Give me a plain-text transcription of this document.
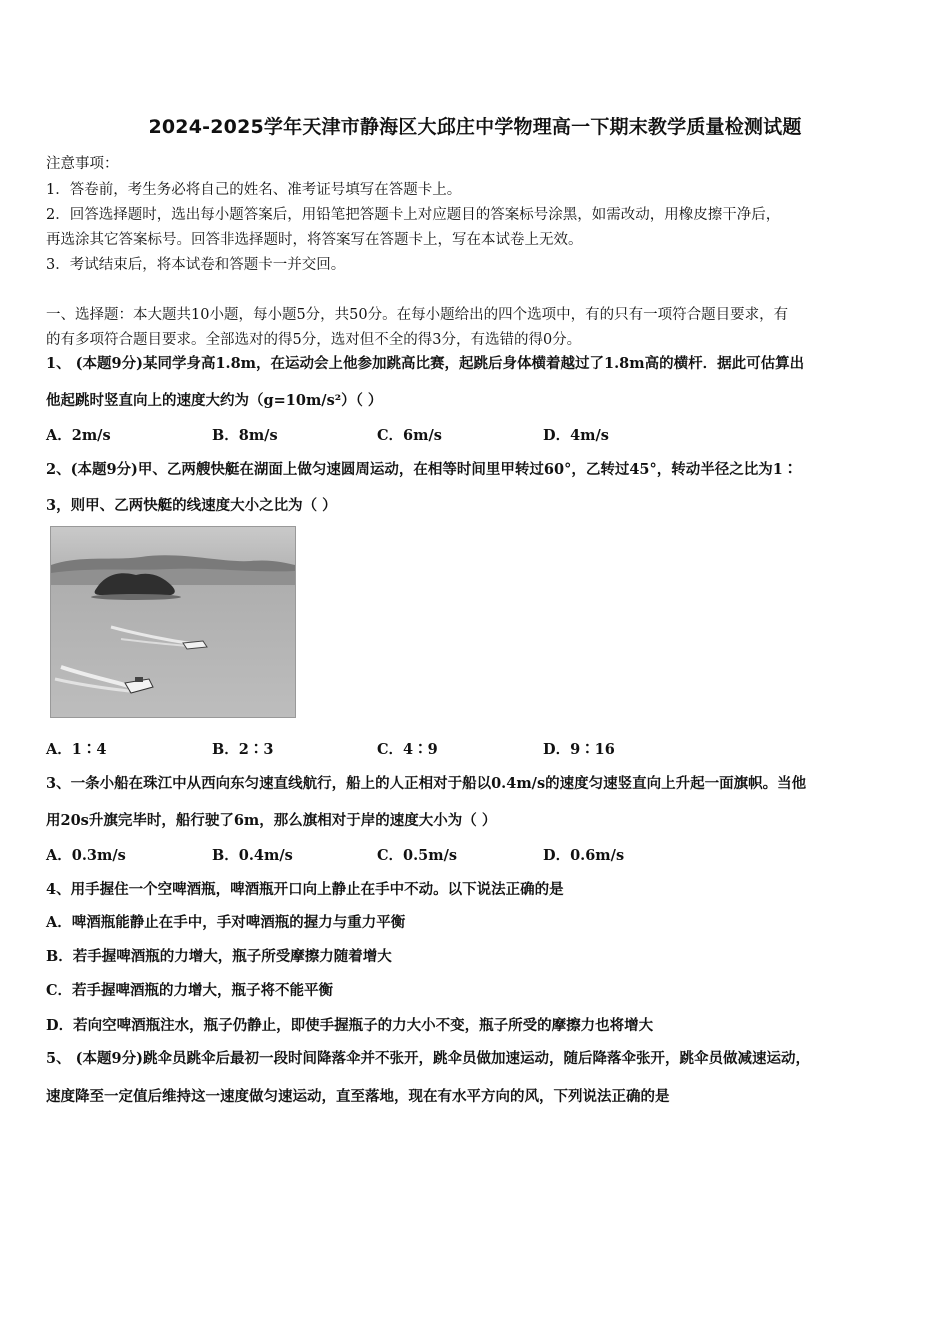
2024-2025学年天津市静海区大邱庄中学物理高一下期末教学质量检测试题
注意事项：
1．答卷前，考生务必将自己的姓名、准考证号填写在答题卡上。
2．回答选择题时，选出每小题答案后，用铅笔把答题卡上对应题目的答案标号涂黑，如需改动，用橡皮擦干净后，
再选涂其它答案标号。回答非选择题时，将答案写在答题卡上，写在本试卷上无效。
3．考试结束后，将本试卷和答题卡一并交回。
一、选择题：本大题共10小题，每小题5分，共50分。在每小题给出的四个选项中，有的只有一项符合题目要求，有
的有多项符合题目要求。全部选对的得5分，选对但不全的得3分，有选错的得0分。
1、 (本题9分)某同学身高1.8m，在运动会上他参加跳高比赛，起跳后身体横着越过了1.8m高的横杆．据此可估算出
他起跳时竖直向上的速度大约为（g=10m/s²）（ ）
A．2m/s	B．8m/s	C．6m/s	D．4m/s
2、(本题9分)甲、乙两艘快艇在湖面上做匀速圆周运动，在相等时间里甲转过60°，乙转过45°，转动半径之比为1∶
3，则甲、乙两快艇的线速度大小之比为（ ）
A．1∶4	B．2∶3	C．4∶9	D．9∶16
3、一条小船在珠江中从西向东匀速直线航行，船上的人正相对于船以0.4m/s的速度匀速竖直向上升起一面旗帜。当他
用20s升旗完毕时，船行驶了6m，那么旗相对于岸的速度大小为（ ）
A．0.3m/s	B．0.4m/s	C．0.5m/s	D．0.6m/s
4、用手握住一个空啤酒瓶，啤酒瓶开口向上静止在手中不动。以下说法正确的是
A．啤酒瓶能静止在手中，手对啤酒瓶的握力与重力平衡
B．若手握啤酒瓶的力增大，瓶子所受摩擦力随着增大
C．若手握啤酒瓶的力增大，瓶子将不能平衡
D．若向空啤酒瓶注水，瓶子仍静止，即使手握瓶子的力大小不变，瓶子所受的摩擦力也将增大
5、 (本题9分)跳伞员跳伞后最初一段时间降落伞并不张开，跳伞员做加速运动，随后降落伞张开，跳伞员做减速运动，
速度降至一定值后维持这一速度做匀速运动，直至落地，现在有水平方向的风，下列说法正确的是
